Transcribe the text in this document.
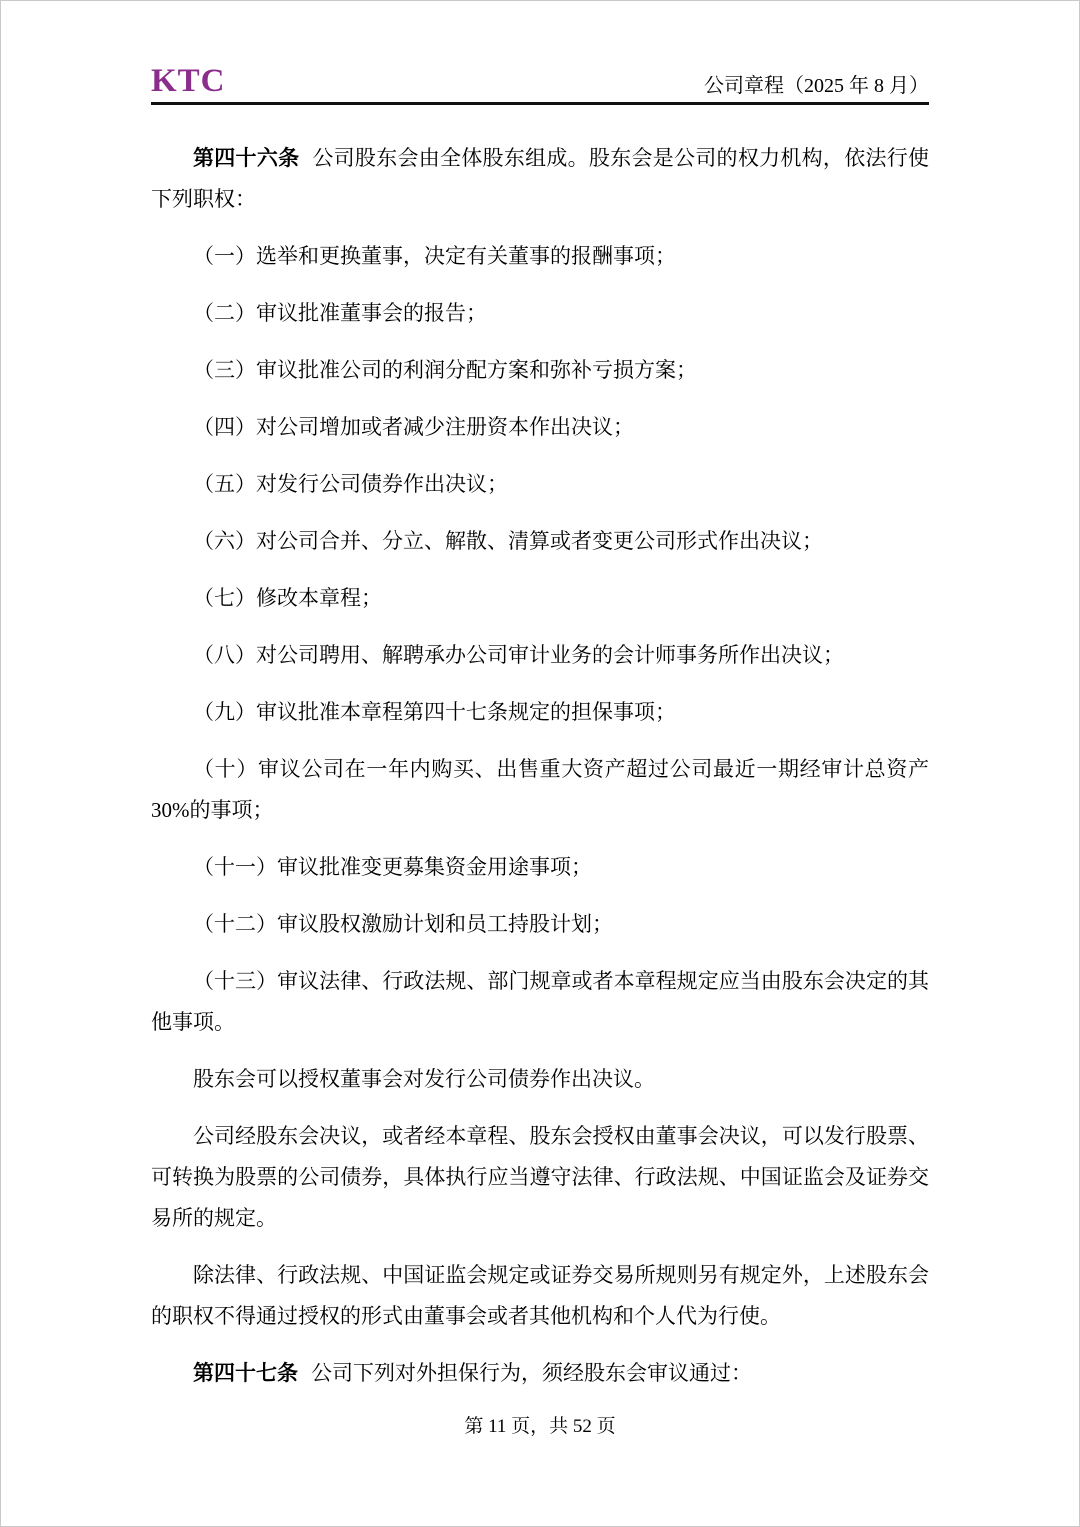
KTC	公司章程（2025 年 8 月）

第四十六条 公司股东会由全体股东组成。股东会是公司的权力机构，依法行使下列职权：

（一）选举和更换董事，决定有关董事的报酬事项；

（二）审议批准董事会的报告；

（三）审议批准公司的利润分配方案和弥补亏损方案；

（四）对公司增加或者减少注册资本作出决议；

（五）对发行公司债券作出决议；

（六）对公司合并、分立、解散、清算或者变更公司形式作出决议；

（七）修改本章程；

（八）对公司聘用、解聘承办公司审计业务的会计师事务所作出决议；

（九）审议批准本章程第四十七条规定的担保事项；

（十）审议公司在一年内购买、出售重大资产超过公司最近一期经审计总资产 30%的事项；

（十一）审议批准变更募集资金用途事项；

（十二）审议股权激励计划和员工持股计划；

（十三）审议法律、行政法规、部门规章或者本章程规定应当由股东会决定的其他事项。

股东会可以授权董事会对发行公司债券作出决议。

公司经股东会决议，或者经本章程、股东会授权由董事会决议，可以发行股票、可转换为股票的公司债券，具体执行应当遵守法律、行政法规、中国证监会及证券交易所的规定。

除法律、行政法规、中国证监会规定或证券交易所规则另有规定外，上述股东会的职权不得通过授权的形式由董事会或者其他机构和个人代为行使。

第四十七条 公司下列对外担保行为，须经股东会审议通过：

第 11 页，共 52 页
